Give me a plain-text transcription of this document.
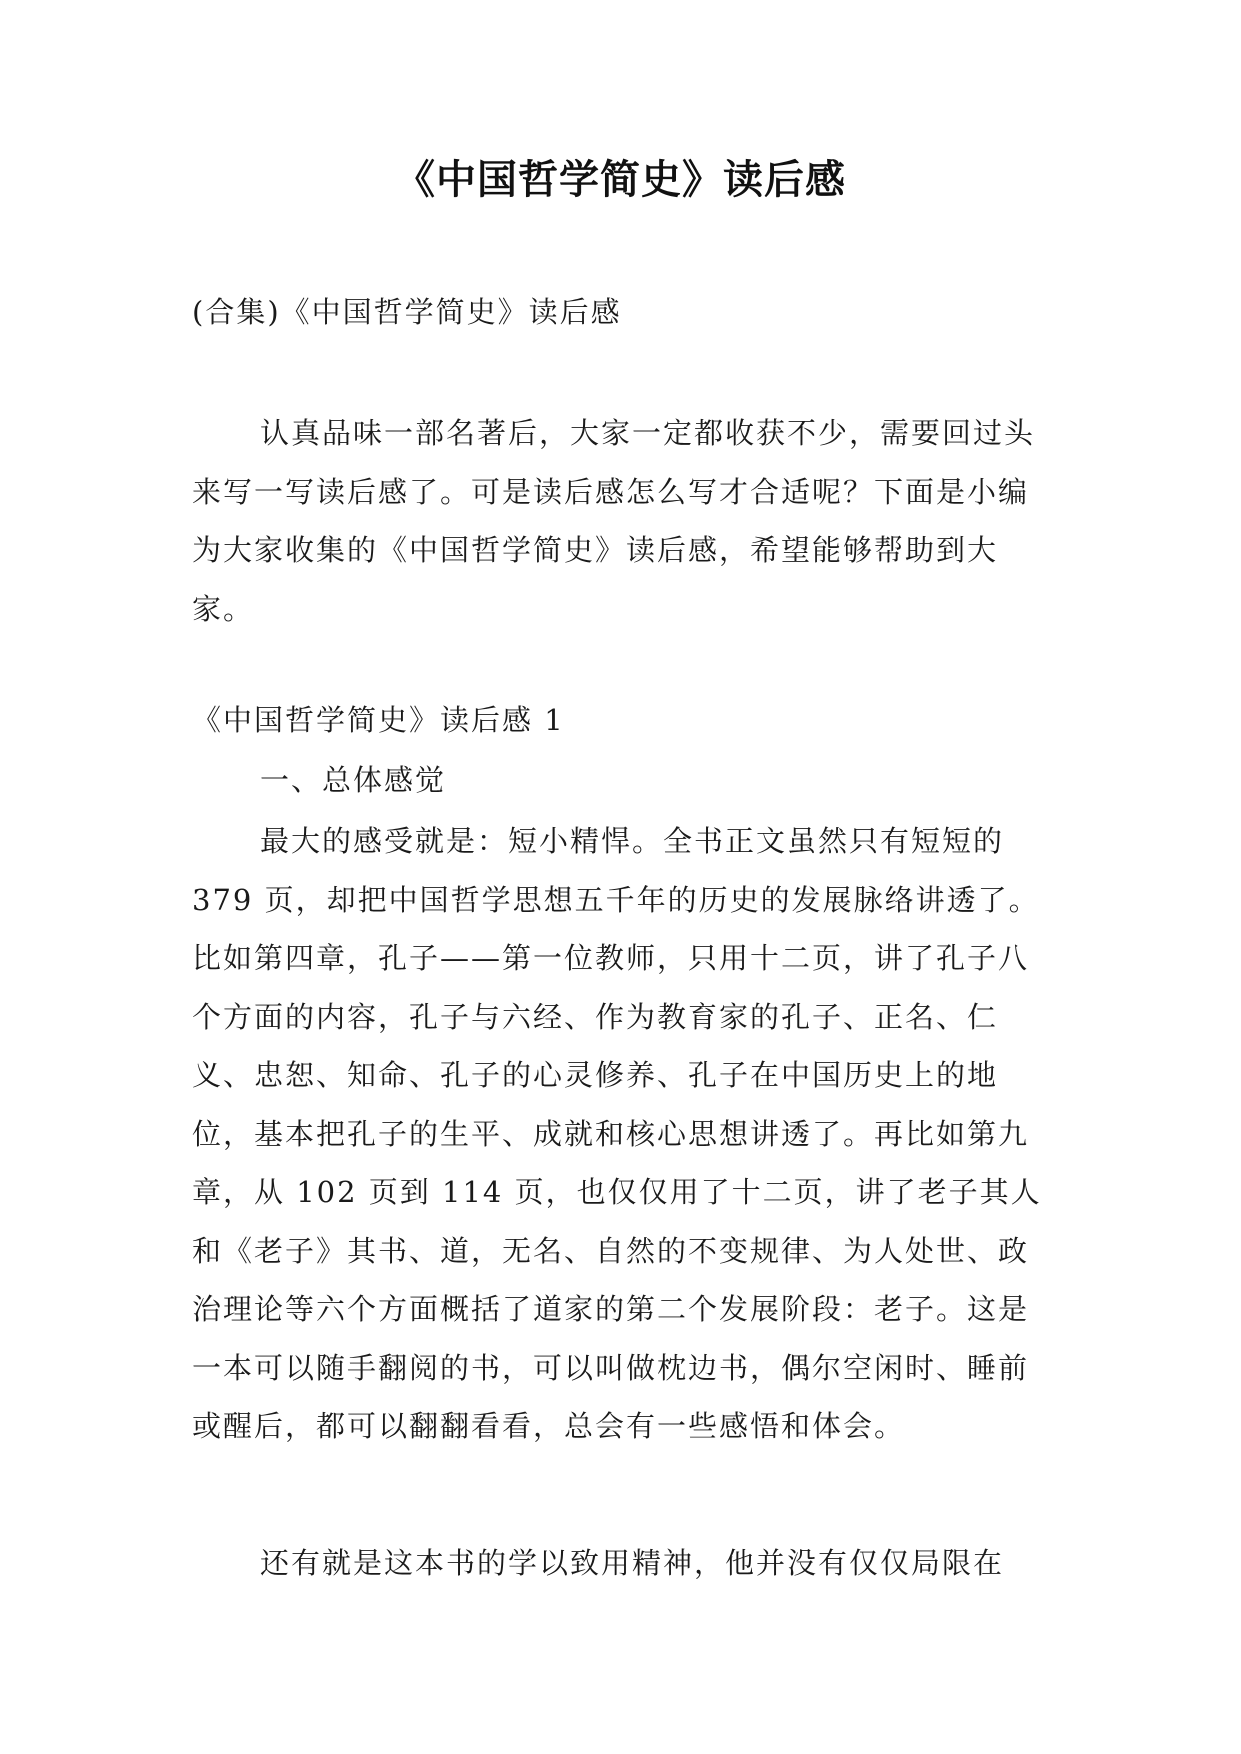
《中国哲学简史》读后感
(合集)《中国哲学简史》读后感

认真品味一部名著后，大家一定都收获不少，需要回过头来写一写读后感了。可是读后感怎么写才合适呢？下面是小编为大家收集的《中国哲学简史》读后感，希望能够帮助到大家。

《中国哲学简史》读后感 1
一、总体感觉

最大的感受就是：短小精悍。全书正文虽然只有短短的 379 页，却把中国哲学思想五千年的历史的发展脉络讲透了。比如第四章，孔子——第一位教师，只用十二页，讲了孔子八个方面的内容，孔子与六经、作为教育家的孔子、正名、仁义、忠恕、知命、孔子的心灵修养、孔子在中国历史上的地位，基本把孔子的生平、成就和核心思想讲透了。再比如第九章，从 102 页到 114 页，也仅仅用了十二页，讲了老子其人和《老子》其书、道，无名、自然的不变规律、为人处世、政治理论等六个方面概括了道家的第二个发展阶段：老子。这是一本可以随手翻阅的书，可以叫做枕边书，偶尔空闲时、睡前或醒后，都可以翻翻看看，总会有一些感悟和体会。

还有就是这本书的学以致用精神，他并没有仅仅局限在
